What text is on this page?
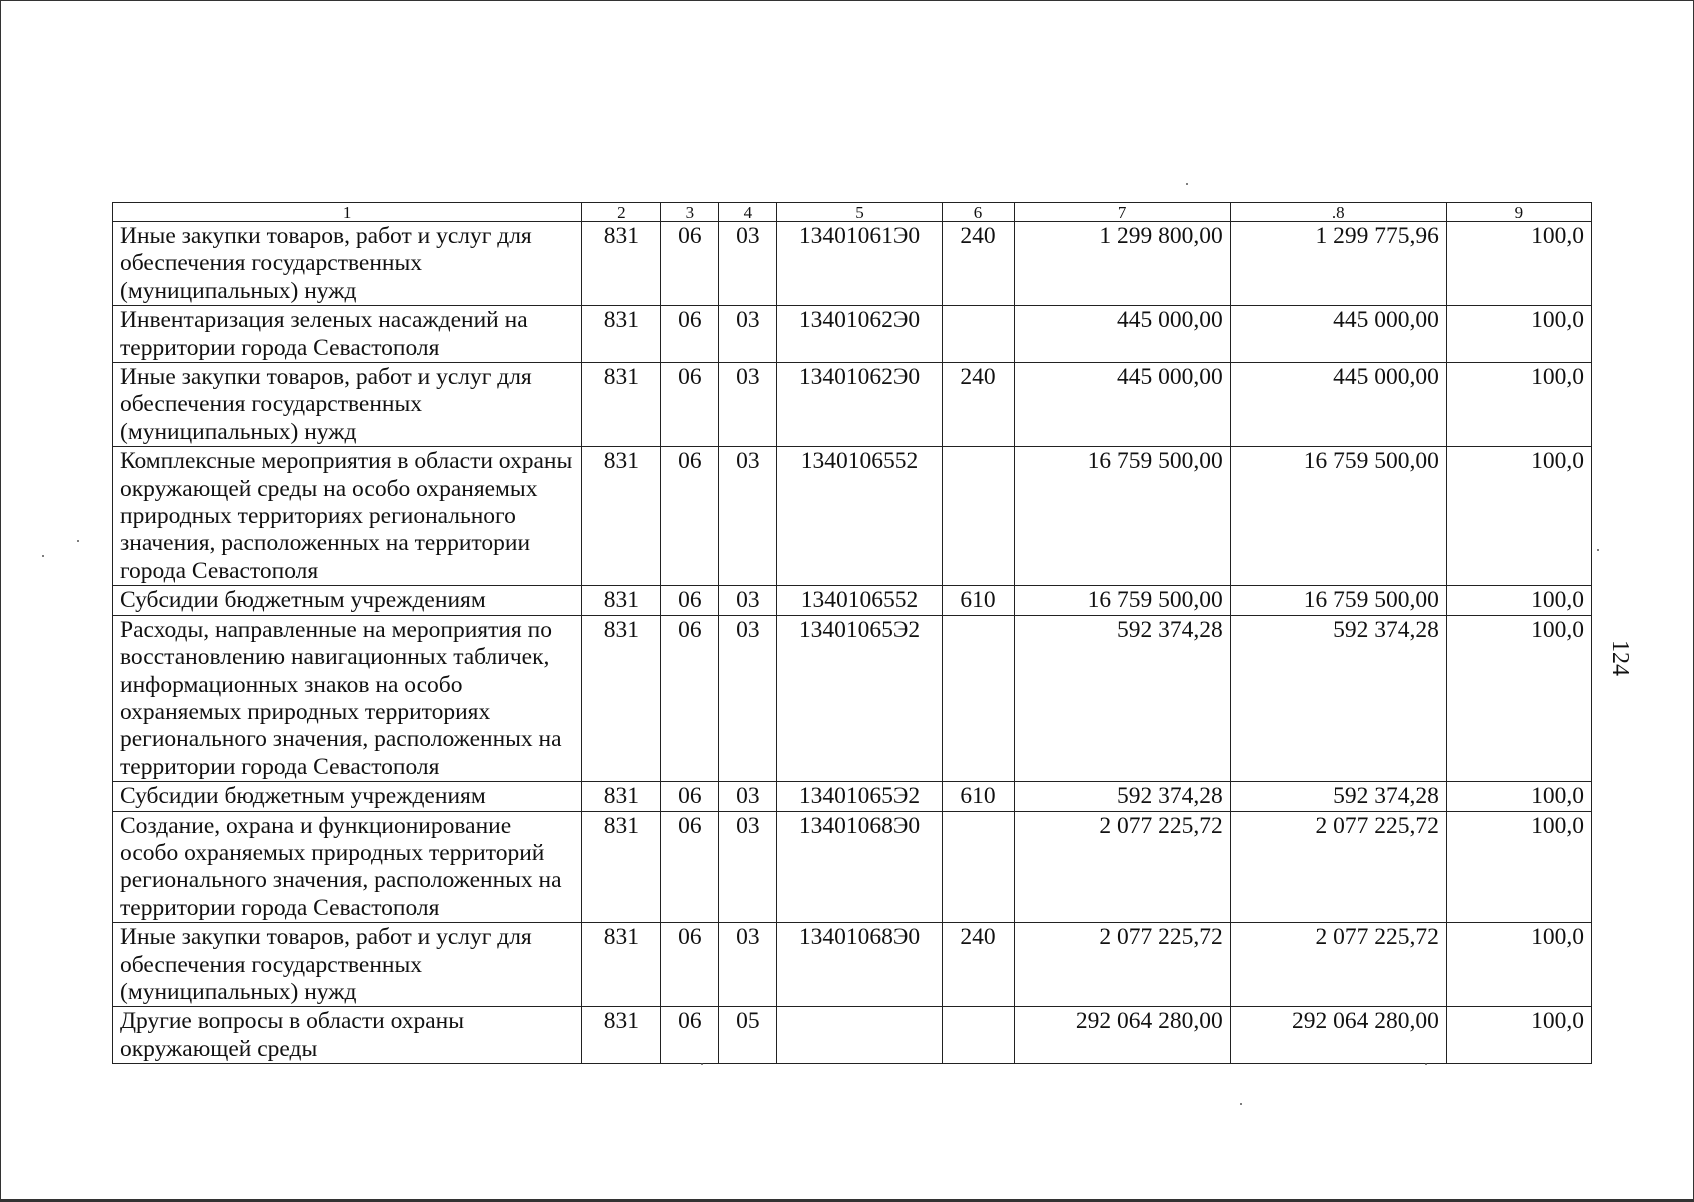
1	2	3	4	5	6	7	.8	9
Иные закупки товаров, работ и услуг для обеспечения государственных (муниципальных) нужд	831	06	03	13401061Э0	240	1 299 800,00	1 299 775,96	100,0
Инвентаризация зеленых насаждений на территории города Севастополя	831	06	03	13401062Э0		445 000,00	445 000,00	100,0
Иные закупки товаров, работ и услуг для обеспечения государственных (муниципальных) нужд	831	06	03	13401062Э0	240	445 000,00	445 000,00	100,0
Комплексные мероприятия в области охраны окружающей среды на особо охраняемых природных территориях регионального значения, расположенных на территории города Севастополя	831	06	03	1340106552		16 759 500,00	16 759 500,00	100,0
Субсидии бюджетным учреждениям	831	06	03	1340106552	610	16 759 500,00	16 759 500,00	100,0
Расходы, направленные на мероприятия по восстановлению навигационных табличек, информационных знаков на особо охраняемых природных территориях регионального значения, расположенных на территории города Севастополя	831	06	03	13401065Э2		592 374,28	592 374,28	100,0
Субсидии бюджетным учреждениям	831	06	03	13401065Э2	610	592 374,28	592 374,28	100,0
Создание, охрана и функционирование особо охраняемых природных территорий регионального значения, расположенных на территории города Севастополя	831	06	03	13401068Э0		2 077 225,72	2 077 225,72	100,0
Иные закупки товаров, работ и услуг для обеспечения государственных (муниципальных) нужд	831	06	03	13401068Э0	240	2 077 225,72	2 077 225,72	100,0
Другие вопросы в области охраны окружающей среды	831	06	05			292 064 280,00	292 064 280,00	100,0
124
